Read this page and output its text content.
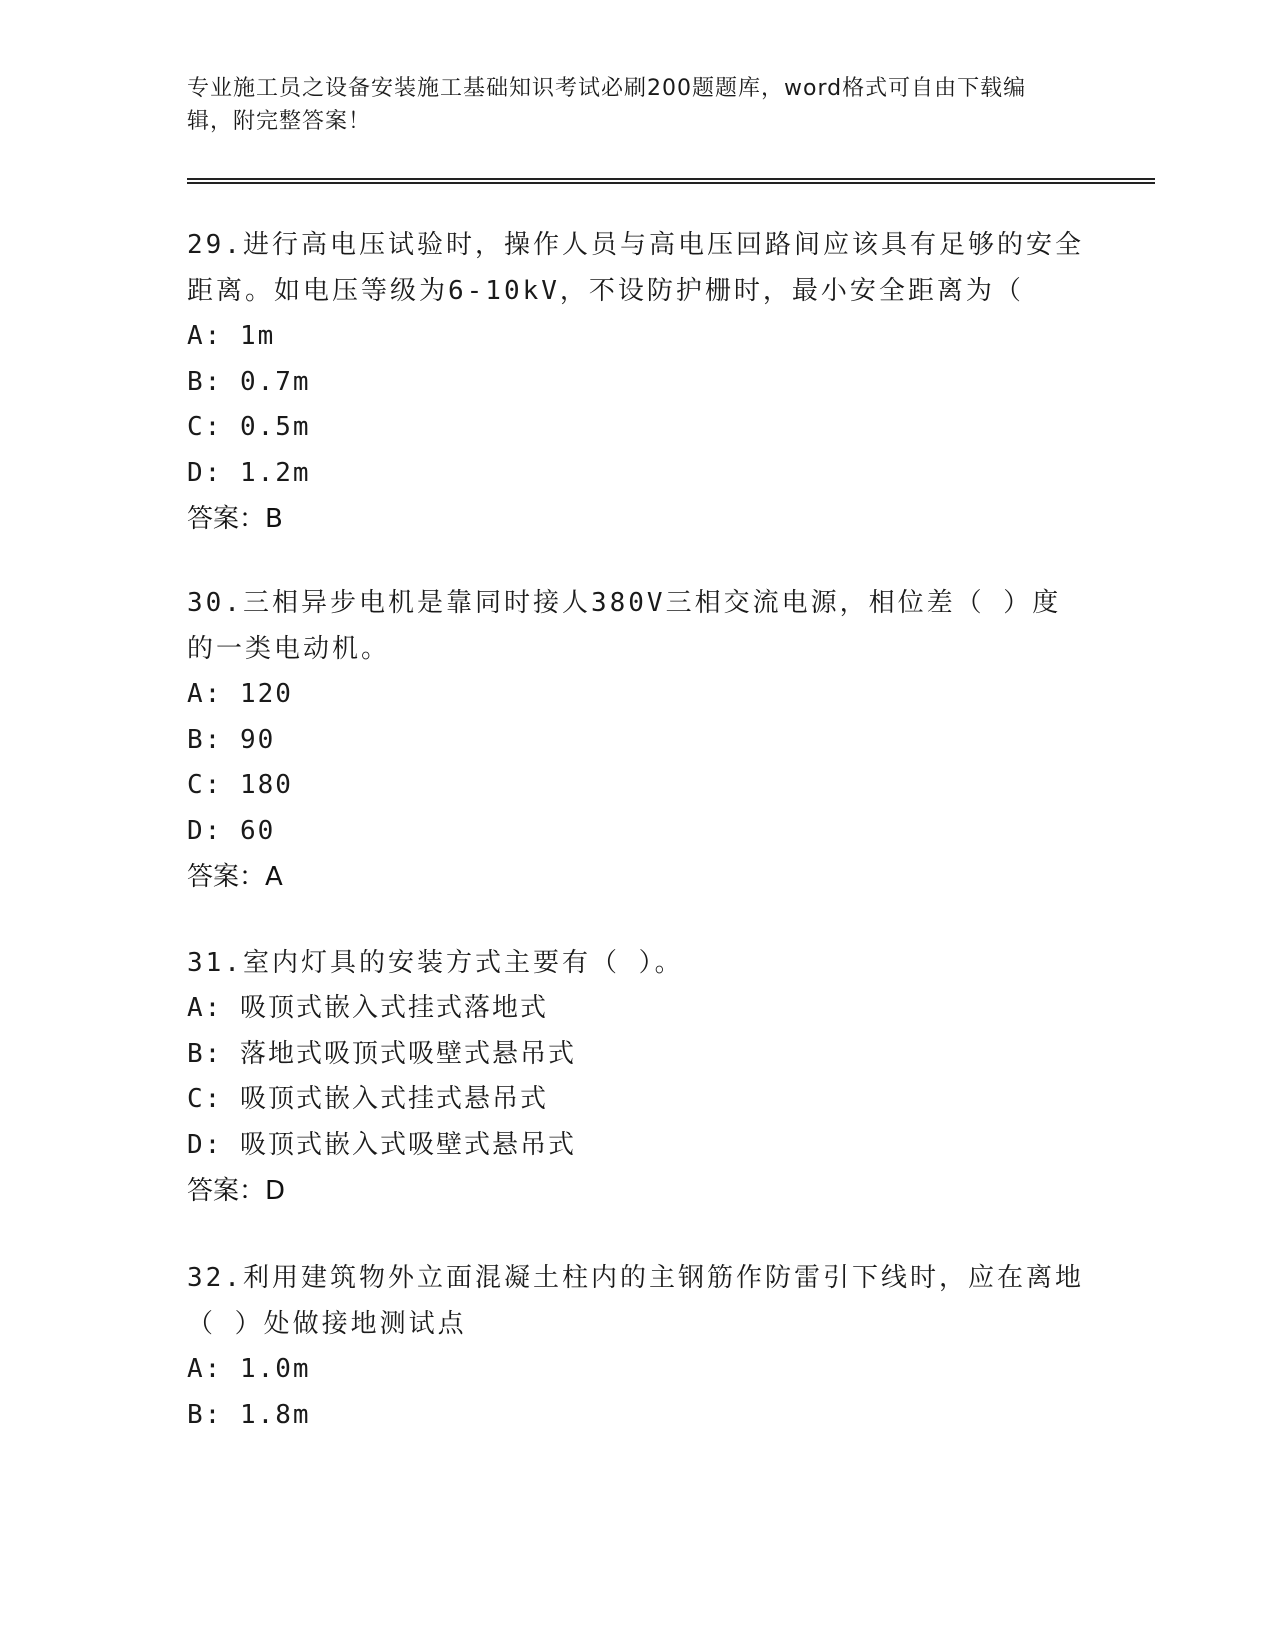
专业施工员之设备安装施工基础知识考试必刷200题题库，word格式可自由下载编辑，附完整答案！

29.进行高电压试验时，操作人员与高电压回路间应该具有足够的安全距离。如电压等级为6-10kV，不设防护栅时，最小安全距离为（

A: 1m
B: 0.7m
C: 0.5m
D: 1.2m
答案：B

30.三相异步电机是靠同时接人380V三相交流电源，相位差（ ）度的一类电动机。

A: 120
B: 90
C: 180
D: 60
答案：A

31.室内灯具的安装方式主要有（ ）。

A: 吸顶式嵌入式挂式落地式
B: 落地式吸顶式吸壁式悬吊式
C: 吸顶式嵌入式挂式悬吊式
D: 吸顶式嵌入式吸壁式悬吊式
答案：D

32.利用建筑物外立面混凝土柱内的主钢筋作防雷引下线时，应在离地（ ）处做接地测试点

A: 1.0m
B: 1.8m
